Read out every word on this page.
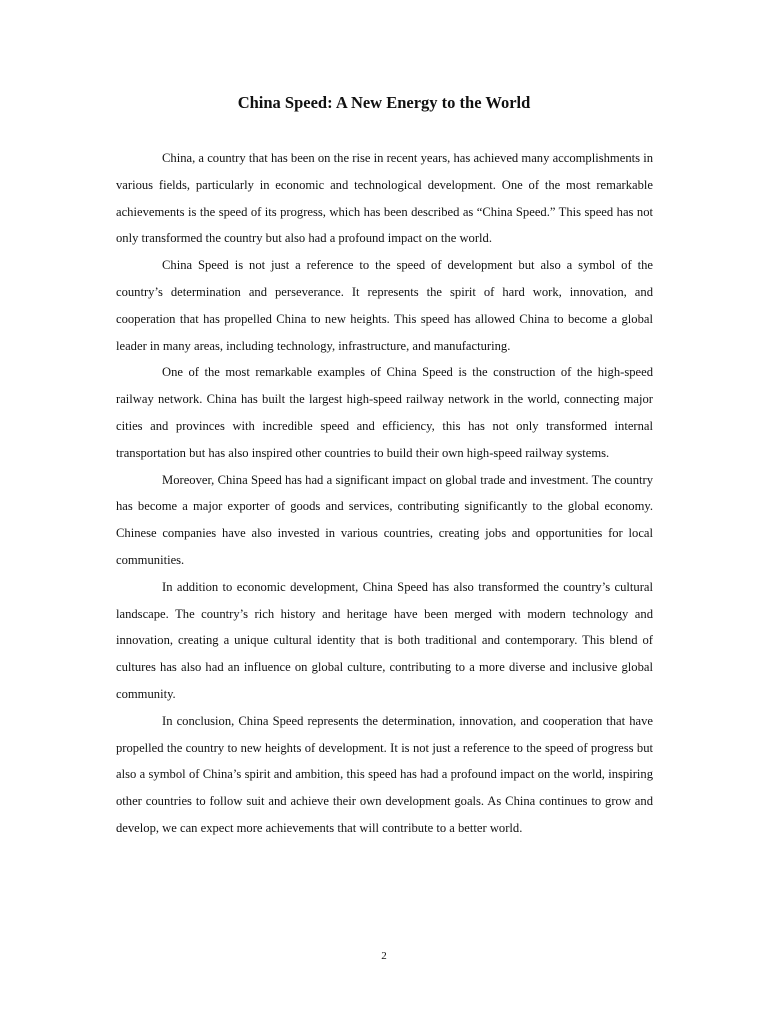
China Speed: A New Energy to the World

China, a country that has been on the rise in recent years, has achieved many accomplishments in various fields, particularly in economic and technological development. One of the most remarkable achievements is the speed of its progress, which has been described as “China Speed.” This speed has not only transformed the country but also had a profound impact on the world.

China Speed is not just a reference to the speed of development but also a symbol of the country’s determination and perseverance. It represents the spirit of hard work, innovation, and cooperation that has propelled China to new heights. This speed has allowed China to become a global leader in many areas, including technology, infrastructure, and manufacturing.

One of the most remarkable examples of China Speed is the construction of the high-speed railway network. China has built the largest high-speed railway network in the world, connecting major cities and provinces with incredible speed and efficiency, this has not only transformed internal transportation but has also inspired other countries to build their own high-speed railway systems.

Moreover, China Speed has had a significant impact on global trade and investment. The country has become a major exporter of goods and services, contributing significantly to the global economy. Chinese companies have also invested in various countries, creating jobs and opportunities for local communities.

In addition to economic development, China Speed has also transformed the country’s cultural landscape. The country’s rich history and heritage have been merged with modern technology and innovation, creating a unique cultural identity that is both traditional and contemporary. This blend of cultures has also had an influence on global culture, contributing to a more diverse and inclusive global community.

In conclusion, China Speed represents the determination, innovation, and cooperation that have propelled the country to new heights of development. It is not just a reference to the speed of progress but also a symbol of China’s spirit and ambition, this speed has had a profound impact on the world, inspiring other countries to follow suit and achieve their own development goals. As China continues to grow and develop, we can expect more achievements that will contribute to a better world.

2
